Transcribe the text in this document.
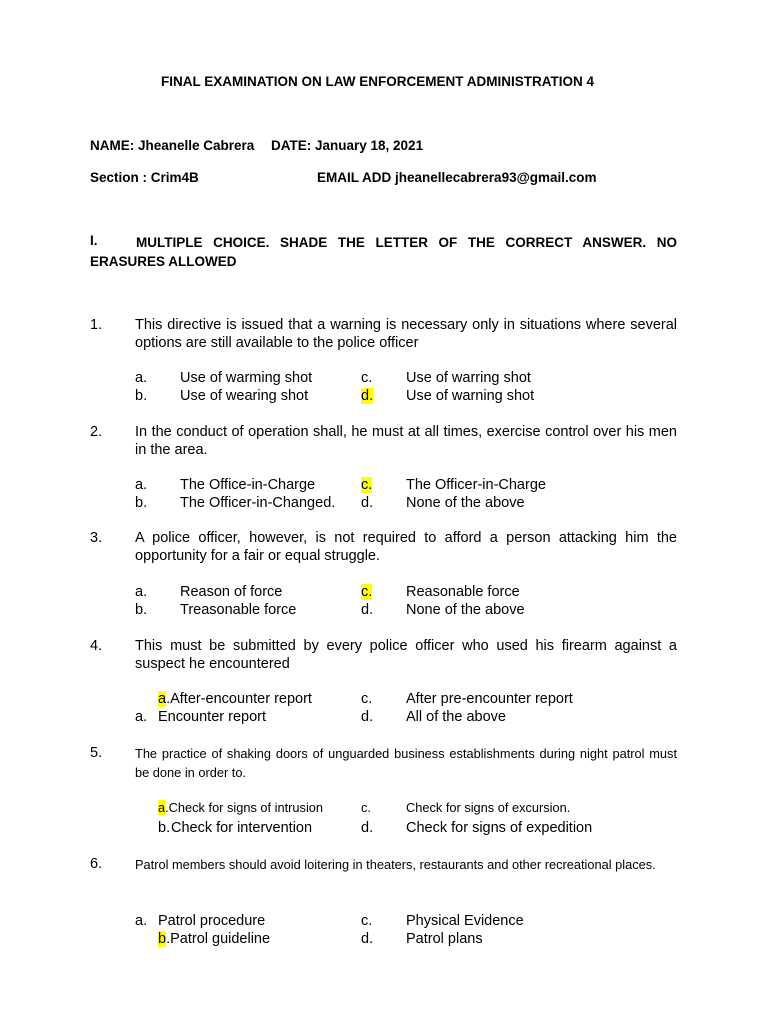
FINAL EXAMINATION ON LAW ENFORCEMENT ADMINISTRATION 4
NAME: Jheanelle Cabrera DATE: January 18, 2021
Section : Crim4B	EMAIL ADD jheanellecabrera93@gmail.com
I.	MULTIPLE CHOICE. SHADE THE LETTER OF THE CORRECT ANSWER. NO ERASURES ALLOWED
1. This directive is issued that a warning is necessary only in situations where several options are still available to the police officer
a. Use of warming shot	c. Use of warring shot
b. Use of wearing shot	d. Use of warning shot
2. In the conduct of operation shall, he must at all times, exercise control over his men in the area.
a. The Office-in-Charge	c. The Officer-in-Charge
b. The Officer-in-Changed. d. None of the above
3. A police officer, however, is not required to afford a person attacking him the opportunity for a fair or equal struggle.
a. Reason of force	c. Reasonable force
b. Treasonable force	d. None of the above
4. This must be submitted by every police officer who used his firearm against a suspect he encountered
a.After-encounter report	c. After pre-encounter report
a. Encounter report	d. All of the above
5.	The practice of shaking doors of unguarded business establishments during night patrol must be done in order to.
a.Check for signs of intrusion	c.	Check for signs of excursion.
b. Check for intervention	d. Check for signs of expedition
6.	Patrol members should avoid loitering in theaters, restaurants and other recreational places.
a. Patrol procedure	c. Physical Evidence
b.Patrol guideline	d. Patrol plans
